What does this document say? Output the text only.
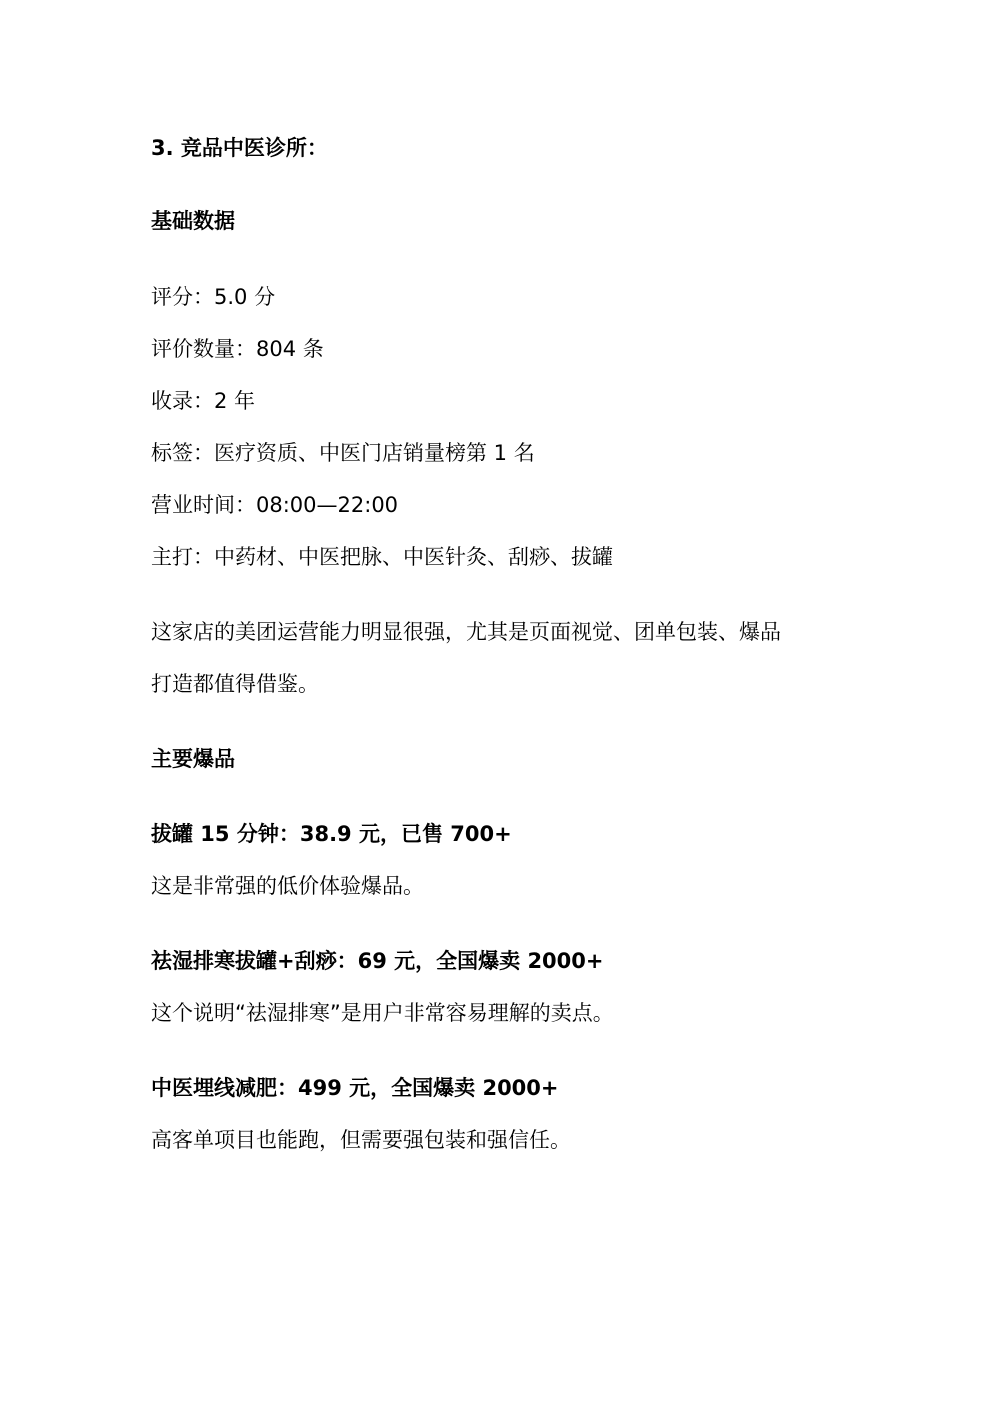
3. 竞品中医诊所：

基础数据

评分：5.0 分

评价数量：804 条

收录：2 年

标签：医疗资质、中医门店销量榜第 1 名

营业时间：08:00—22:00

主打：中药材、中医把脉、中医针灸、刮痧、拔罐

这家店的美团运营能力明显很强，尤其是页面视觉、团单包装、爆品

打造都值得借鉴。

主要爆品

拔罐 15 分钟：38.9 元，已售 700+

这是非常强的低价体验爆品。

祛湿排寒拔罐+刮痧：69 元，全国爆卖 2000+

这个说明“祛湿排寒”是用户非常容易理解的卖点。

中医埋线减肥：499 元，全国爆卖 2000+

高客单项目也能跑，但需要强包装和强信任。
